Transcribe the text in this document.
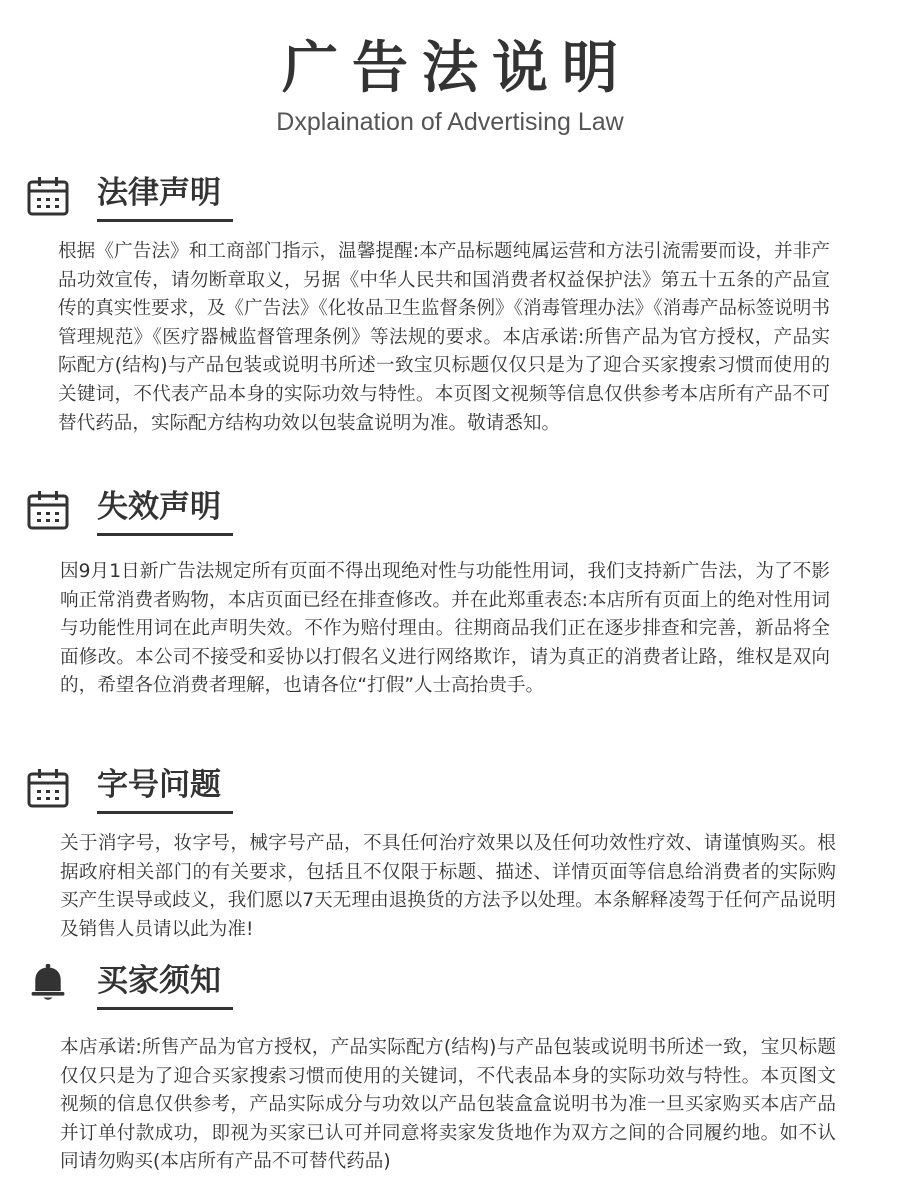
广告法说明
Dxplaination of Advertising Law
法律声明

根据《广告法》和工商部门指示，温馨提醒:本产品标题纯属运营和方法引流需要而设，并非产品功效宣传，请勿断章取义，另据《中华人民共和国消费者权益保护法》第五十五条的产品宣传的真实性要求，及《广告法》《化妆品卫生监督条例》《消毒管理办法》《消毒产品标签说明书管理规范》《医疗器械监督管理条例》等法规的要求。本店承诺:所售产品为官方授权，产品实际配方(结构)与产品包装或说明书所述一致宝贝标题仅仅只是为了迎合买家搜索习惯而使用的关键词，不代表产品本身的实际功效与特性。本页图文视频等信息仅供参考本店所有产品不可替代药品，实际配方结构功效以包装盒说明为准。敬请悉知。

失效声明

因9月1日新广告法规定所有页面不得出现绝对性与功能性用词，我们支持新广告法，为了不影响正常消费者购物，本店页面已经在排查修改。并在此郑重表态:本店所有页面上的绝对性用词与功能性用词在此声明失效。不作为赔付理由。往期商品我们正在逐步排查和完善，新品将全面修改。本公司不接受和妥协以打假名义进行网络欺诈，请为真正的消费者让路，维权是双向的，希望各位消费者理解，也请各位“打假”人士高抬贵手。

字号问题

关于消字号，妆字号，械字号产品，不具任何治疗效果以及任何功效性疗效、请谨慎购买。根据政府相关部门的有关要求，包括且不仅限于标题、描述、详情页面等信息给消费者的实际购买产生误导或歧义，我们愿以7天无理由退换货的方法予以处理。本条解释凌驾于任何产品说明及销售人员请以此为准!

买家须知

本店承诺:所售产品为官方授权，产品实际配方(结构)与产品包装或说明书所述一致，宝贝标题仅仅只是为了迎合买家搜索习惯而使用的关键词，不代表品本身的实际功效与特性。本页图文视频的信息仅供参考，产品实际成分与功效以产品包装盒盒说明书为准一旦买家购买本店产品并订单付款成功，即视为买家已认可并同意将卖家发货地作为双方之间的合同履约地。如不认同请勿购买(本店所有产品不可替代药品)
